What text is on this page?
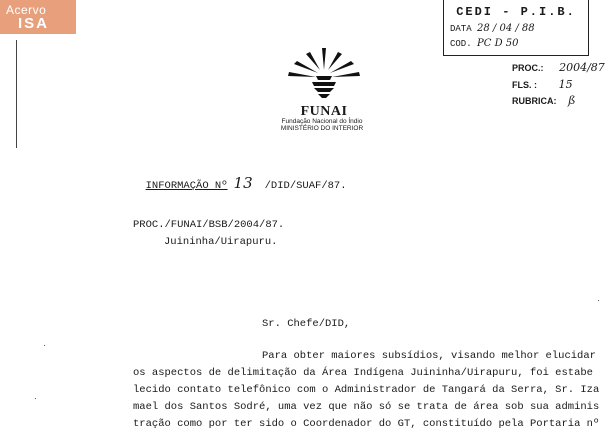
Acervo
ISA
CEDI - P.I.B.
DATA 28 / 04 / 88
COD. PC D 50
PROC.: 2004/87
FLS. : 15
RUBRICA: ß
FUNAI
Fundação Nacional do Índio
MINISTÉRIO DO INTERIOR

INFORMAÇÃO Nº 13 /DID/SUAF/87.

PROC./FUNAI/BSB/2004/87.
Juininha/Uirapuru.
Sr. Chefe/DID,
Para obter maiores subsídios, visando melhor elucidar
os aspectos de delimitação da Área Indígena Juininha/Uirapuru, foi estabe
lecido contato telefônico com o Administrador de Tangará da Serra, Sr. Iza
mael dos Santos Sodré, uma vez que não só se trata de área sob sua adminis
tração como por ter sido o Coordenador do GT, constituído pela Portaria nº
